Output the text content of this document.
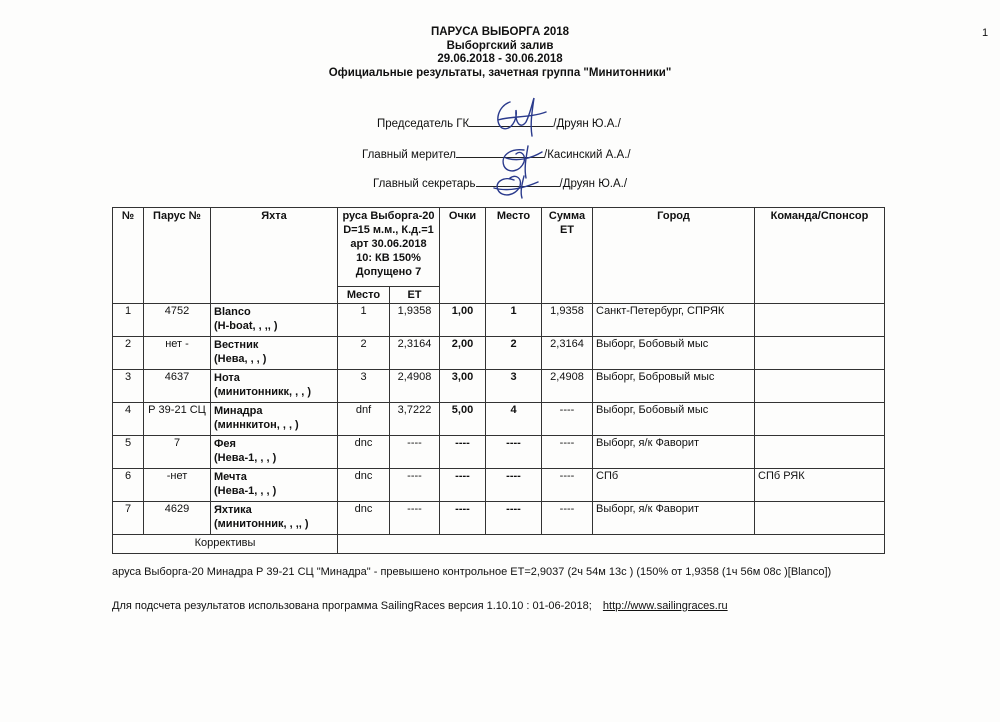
1
ПАРУСА ВЫБОРГА 2018
Выборгский залив
29.06.2018 - 30.06.2018
Официальные результаты, зачетная группа "Минитонники"
Председатель ГК	/Друян Ю.А./
Главный мерител	/Касинский А.А./
Главный секретарь	/Друян Ю.А./
№	Парус №	Яхта	руса Выборга-20 D=15 м.м., К.д.=1 арт 30.06.2018 10: КВ 150% Допущено 7		Очки	Место	Сумма ET	Город	Команда/Спонсор
			Место	ET					
1	4752	Blanco
(H-boat, , ,, )	1	1,9358	1,00	1	1,9358	Санкт-Петербург, СПРЯК	
2	нет -	Вестник
(Нева, , , )	2	2,3164	2,00	2	2,3164	Выборг, Бобовый мыс	
3	4637	Нота
(минитонникк, , , )	3	2,4908	3,00	3	2,4908	Выборг, Бобровый мыс	
4	Р 39-21 СЦ	Минадра
(миннкитон, , , )	dnf	3,7222	5,00	4	----	Выборг, Бобовый мыс	
5	7	Фея
(Нева-1, , , )	dnc	----	----	----	----	Выборг, я/к Фаворит	
6	-нет	Мечта
(Нева-1, , , )	dnc	----	----	----	----	СПб	СПб РЯК
7	4629	Яхтика
(минитонник, , ,, )	dnc	----	----	----	----	Выборг, я/к Фаворит	
Коррективы									
аруса Выборга-20 Минадра Р 39-21 СЦ "Минадра" - превышено контрольное ЕТ=2,9037 (2ч 54м 13с ) (150% от 1,9358 (1ч 56м 08с )[Blanco])
Для подсчета результатов использована программа SailingRaces версия 1.10.10 : 01-06-2018; http://www.sailingraces.ru
